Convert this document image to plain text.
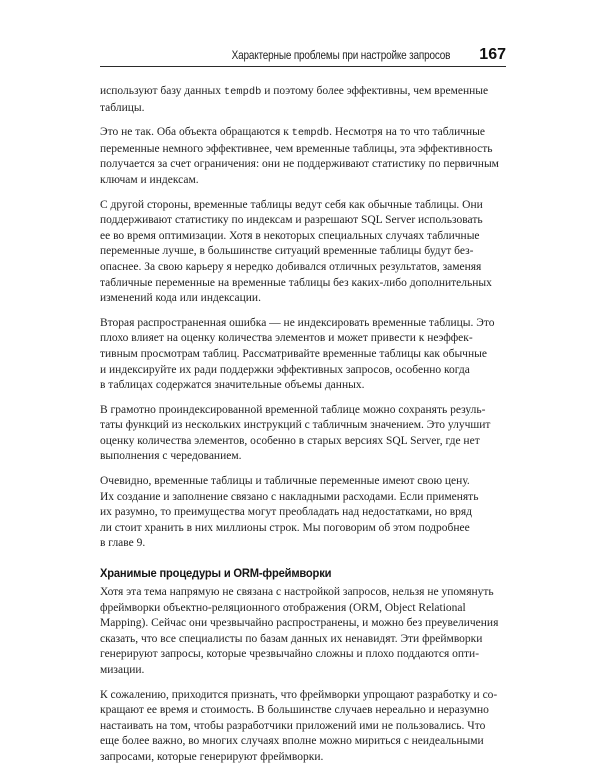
Характерные проблемы при настройке запросов 167

используют базу данных tempdb и поэтому более эффективны, чем временные
таблицы.

Это не так. Оба объекта обращаются к tempdb. Несмотря на то что табличные
переменные немного эффективнее, чем временные таблицы, эта эффективность
получается за счет ограничения: они не поддерживают статистику по первичным
ключам и индексам.

С другой стороны, временные таблицы ведут себя как обычные таблицы. Они
поддерживают статистику по индексам и разрешают SQL Server использовать
ее во время оптимизации. Хотя в некоторых специальных случаях табличные
переменные лучше, в большинстве ситуаций временные таблицы будут без-
опаснее. За свою карьеру я нередко добивался отличных результатов, заменяя
табличные переменные на временные таблицы без каких-либо дополнительных
изменений кода или индексации.

Вторая распространенная ошибка — не индексировать временные таблицы. Это
плохо влияет на оценку количества элементов и может привести к неэффек-
тивным просмотрам таблиц. Рассматривайте временные таблицы как обычные
и индексируйте их ради поддержки эффективных запросов, особенно когда
в таблицах содержатся значительные объемы данных.

В грамотно проиндексированной временной таблице можно сохранять резуль-
таты функций из нескольких инструкций с табличным значением. Это улучшит
оценку количества элементов, особенно в старых версиях SQL Server, где нет
выполнения с чередованием.

Очевидно, временные таблицы и табличные переменные имеют свою цену.
Их создание и заполнение связано с накладными расходами. Если применять
их разумно, то преимущества могут преобладать над недостатками, но вряд
ли стоит хранить в них миллионы строк. Мы поговорим об этом подробнее
в главе 9.

Хранимые процедуры и ORM-фреймворки

Хотя эта тема напрямую не связана с настройкой запросов, нельзя не упомянуть
фреймворки объектно-реляционного отображения (ORM, Object Relational
Mapping). Сейчас они чрезвычайно распространены, и можно без преувеличения
сказать, что все специалисты по базам данных их ненавидят. Эти фреймворки
генерируют запросы, которые чрезвычайно сложны и плохо поддаются опти-
мизации.

К сожалению, приходится признать, что фреймворки упрощают разработку и со-
кращают ее время и стоимость. В большинстве случаев нереально и неразумно
настаивать на том, чтобы разработчики приложений ими не пользовались. Что
еще более важно, во многих случаях вполне можно мириться с неидеальными
запросами, которые генерируют фреймворки.
